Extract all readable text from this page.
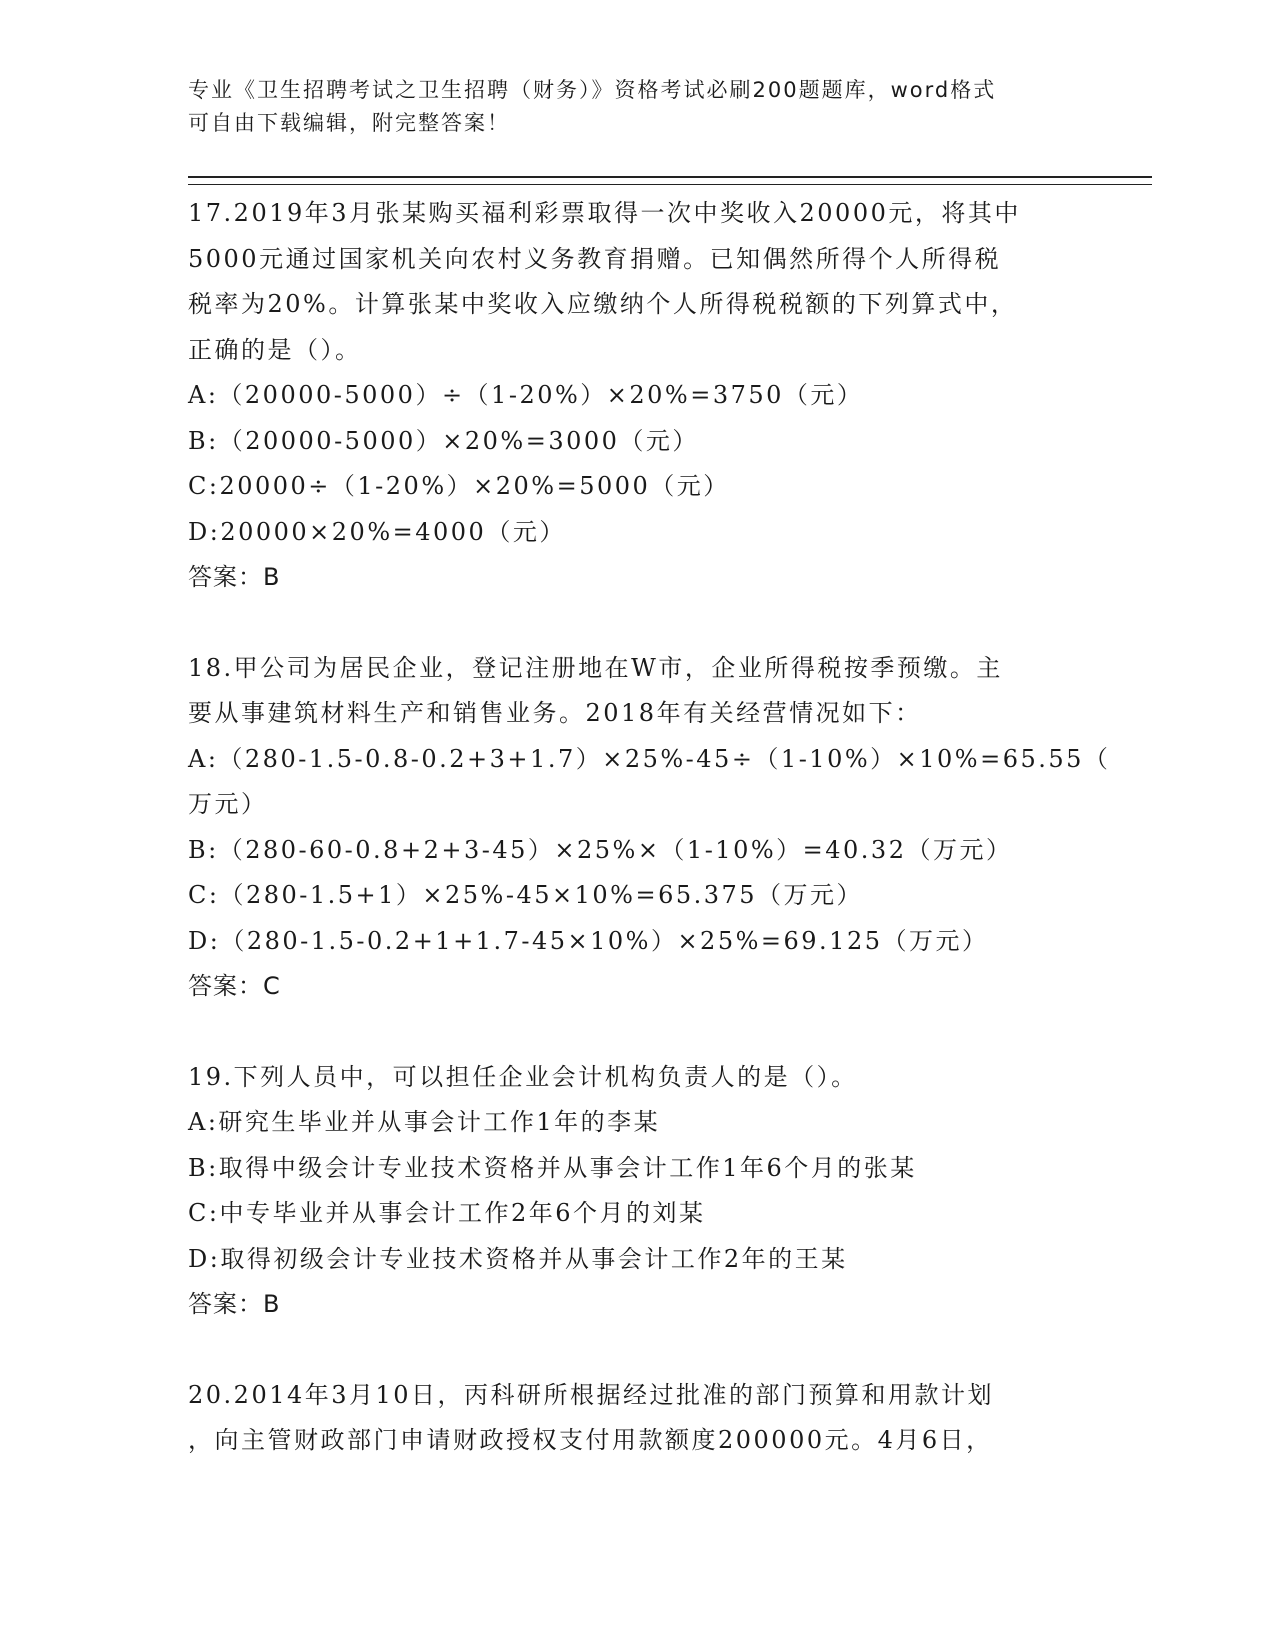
专业《卫生招聘考试之卫生招聘（财务）》资格考试必刷200题题库，word格式
可自由下载编辑，附完整答案！
17.2019年3月张某购买福利彩票取得一次中奖收入20000元，将其中
5000元通过国家机关向农村义务教育捐赠。已知偶然所得个人所得税
税率为20%。计算张某中奖收入应缴纳个人所得税税额的下列算式中，
正确的是（）。
A:（20000-5000）÷（1-20%）×20%=3750（元）
B:（20000-5000）×20%=3000（元）
C:20000÷（1-20%）×20%=5000（元）
D:20000×20%=4000（元）
答案：B
18.甲公司为居民企业，登记注册地在W市，企业所得税按季预缴。主
要从事建筑材料生产和销售业务。2018年有关经营情况如下：
A:（280-1.5-0.8-0.2+3+1.7）×25%-45÷（1-10%）×10%=65.55（
万元）
B:（280-60-0.8+2+3-45）×25%×（1-10%）=40.32（万元）
C:（280-1.5+1）×25%-45×10%=65.375（万元）
D:（280-1.5-0.2+1+1.7-45×10%）×25%=69.125（万元）
答案：C
19.下列人员中，可以担任企业会计机构负责人的是（）。
A:研究生毕业并从事会计工作1年的李某
B:取得中级会计专业技术资格并从事会计工作1年6个月的张某
C:中专毕业并从事会计工作2年6个月的刘某
D:取得初级会计专业技术资格并从事会计工作2年的王某
答案：B
20.2014年3月10日，丙科研所根据经过批准的部门预算和用款计划
，向主管财政部门申请财政授权支付用款额度200000元。4月6日，
